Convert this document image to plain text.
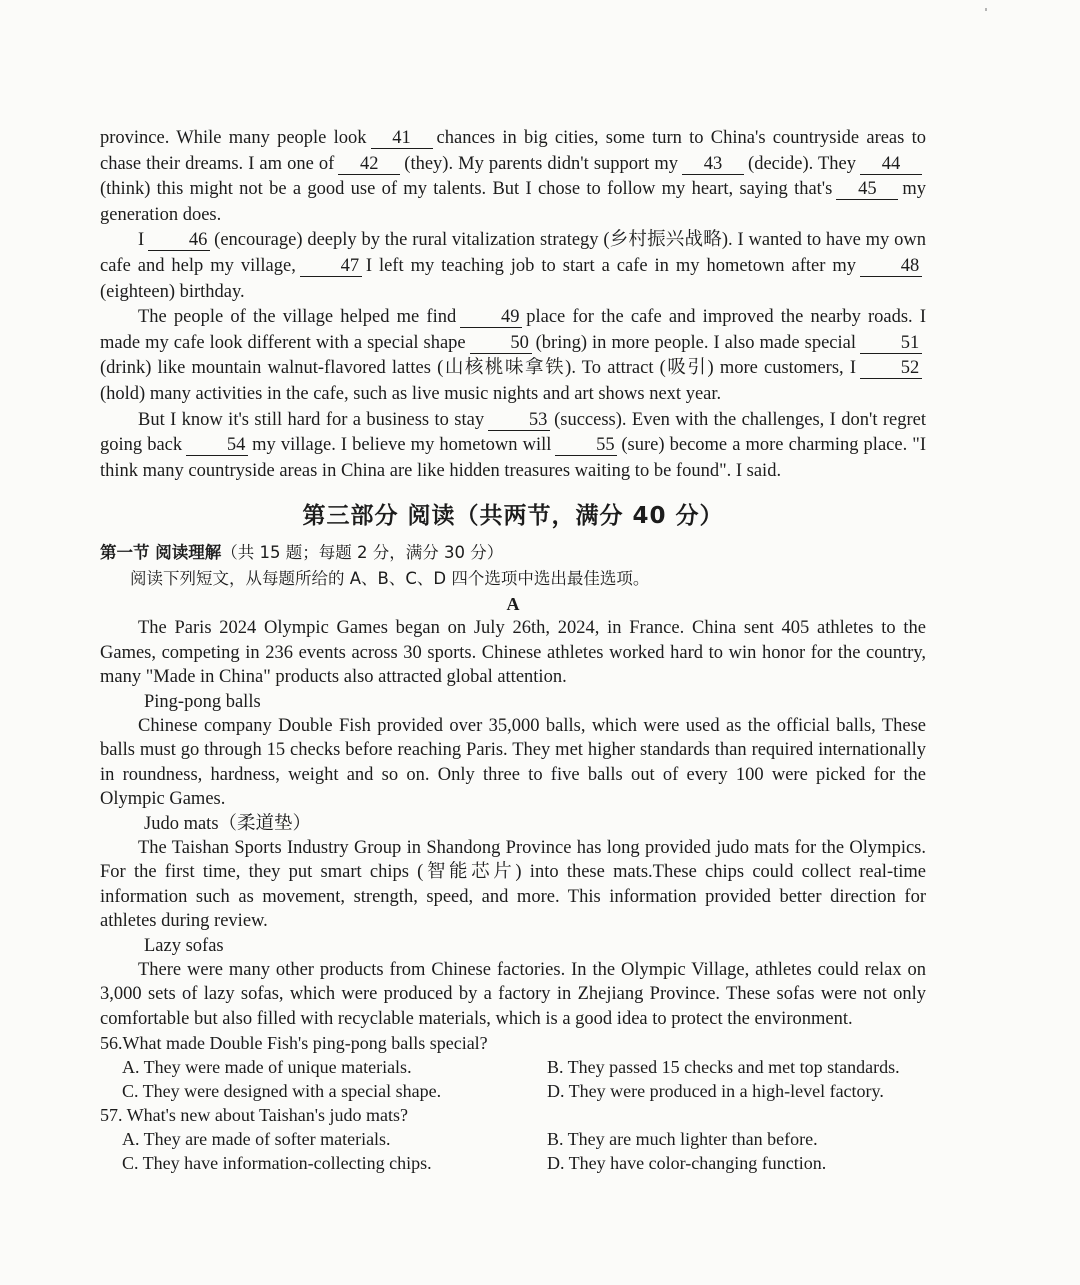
province. While many people look 41 chances in big cities, some turn to China's countryside areas to chase their dreams. I am one of 42 (they). My parents didn't support my 43 (decide). They 44(think) this might not be a good use of my talents. But I chose to follow my heart, saying that's 45 my generation does.

I 46 (encourage) deeply by the rural vitalization strategy (乡村振兴战略). I wanted to have my own cafe and help my village, 47 I left my teaching job to start a cafe in my hometown after my 48(eighteen) birthday.

The people of the village helped me find 49 place for the cafe and improved the nearby roads. I made my cafe look different with a special shape 50 (bring) in more people. I also made special 51(drink) like mountain walnut-flavored lattes (山核桃味拿铁). To attract (吸引) more customers, I 52(hold) many activities in the cafe, such as live music nights and art shows next year.

But I know it's still hard for a business to stay 53 (success). Even with the challenges, I don't regret going back 54 my village. I believe my hometown will 55 (sure) become a more charming place. "I think many countryside areas in China are like hidden treasures waiting to be found". I said.

第三部分 阅读（共两节，满分 40 分）

第一节 阅读理解（共 15 题；每题 2 分，满分 30 分）

阅读下列短文，从每题所给的 A、B、C、D 四个选项中选出最佳选项。

A

The Paris 2024 Olympic Games began on July 26th, 2024, in France. China sent 405 athletes to the Games, competing in 236 events across 30 sports. Chinese athletes worked hard to win honor for the country, many "Made in China" products also attracted global attention.

Ping-pong balls

Chinese company Double Fish provided over 35,000 balls, which were used as the official balls, These balls must go through 15 checks before reaching Paris. They met higher standards than required internationally in roundness, hardness, weight and so on. Only three to five balls out of every 100 were picked for the Olympic Games.

Judo mats（柔道垫）

The Taishan Sports Industry Group in Shandong Province has long provided judo mats for the Olympics. For the first time, they put smart chips (智能芯片) into these mats.These chips could collect real-time information such as movement, strength, speed, and more. This information provided better direction for athletes during review.

Lazy sofas

There were many other products from Chinese factories. In the Olympic Village, athletes could relax on 3,000 sets of lazy sofas, which were produced by a factory in Zhejiang Province. These sofas were not only comfortable but also filled with recyclable materials, which is a good idea to protect the environment.

56.What made Double Fish's ping-pong balls special?

A. They were made of unique materials.	B. They passed 15 checks and met top standards.
C. They were designed with a special shape.	D. They were produced in a high-level factory.

57. What's new about Taishan's judo mats?

A. They are made of softer materials.	B. They are much lighter than before.
C. They have information-collecting chips.	D. They have color-changing function.
